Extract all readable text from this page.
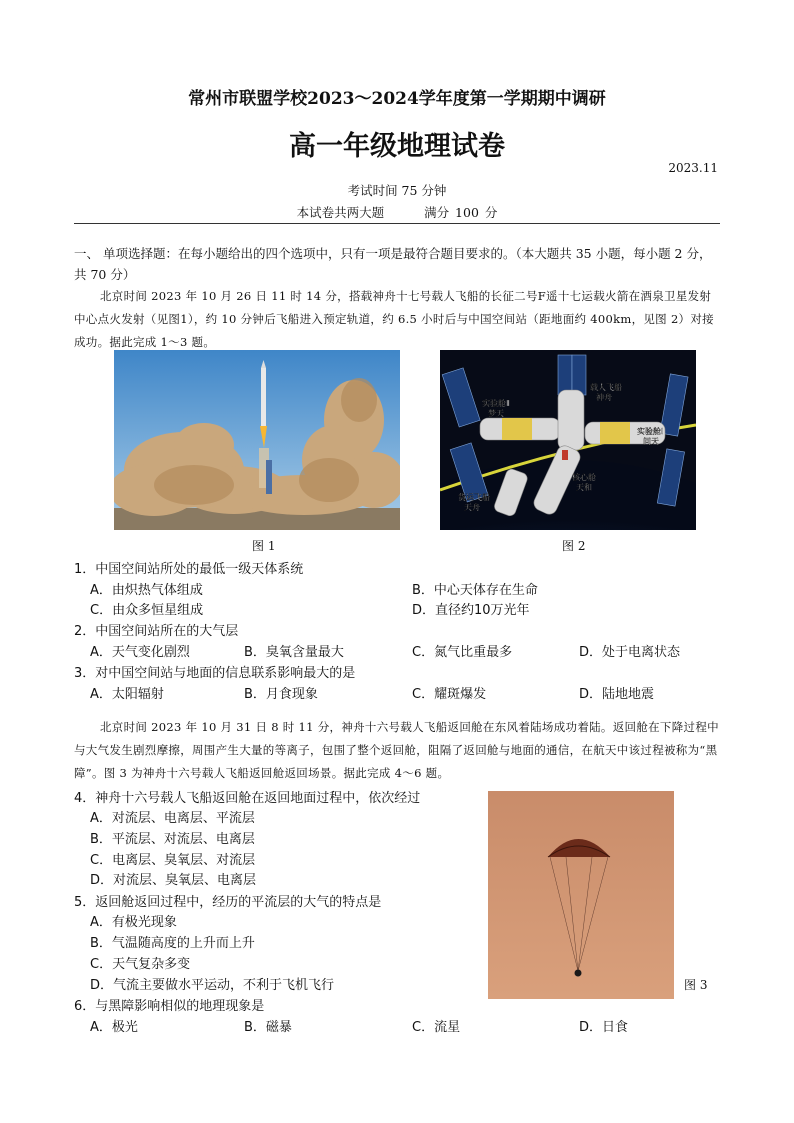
常州市联盟学校2023～2024学年度第一学期期中调研
高一年级地理试卷
2023.11
考试时间 75 分钟
本试卷共两大题	满分 100 分
一、 单项选择题：在每小题给出的四个选项中，只有一项是最符合题目要求的。（本大题共 35 小题，每小题 2 分，共 70 分）
北京时间 2023 年 10 月 26 日 11 时 14 分，搭载神舟十七号载人飞船的长征二号F遥十七运载火箭在酒泉卫星发射中心点火发射（见图1），约 10 分钟后飞船进入预定轨道，约 6.5 小时后与中国空间站（距地面约 400km，见图 2）对接成功。据此完成 1～3 题。
实验舱Ⅱ
梦天
载人飞船
神舟
实验舱Ⅰ
问天
核心舱
天和
货运飞船
天舟
图 1	图 2
1．中国空间站所处的最低一级天体系统
A．由炽热气体组成	B．中心天体存在生命
C．由众多恒星组成	D．直径约10万光年
2．中国空间站所在的大气层
A．天气变化剧烈	B．臭氧含量最大	C．氮气比重最多	D．处于电离状态
3．对中国空间站与地面的信息联系影响最大的是
A．太阳辐射	B．月食现象	C．耀斑爆发	D．陆地地震
北京时间 2023 年 10 月 31 日 8 时 11 分，神舟十六号载人飞船返回舱在东风着陆场成功着陆。返回舱在下降过程中与大气发生剧烈摩擦，周围产生大量的等离子，包围了整个返回舱，阻隔了返回舱与地面的通信，在航天中该过程被称为“黑障”。图 3 为神舟十六号载人飞船返回舱返回场景。据此完成 4～6 题。
图 3
4．神舟十六号载人飞船返回舱在返回地面过程中，依次经过
A．对流层、电离层、平流层
B．平流层、对流层、电离层
C．电离层、臭氧层、对流层
D．对流层、臭氧层、电离层
5．返回舱返回过程中，经历的平流层的大气的特点是
A．有极光现象
B．气温随高度的上升而上升
C．天气复杂多变
D．气流主要做水平运动，不利于飞机飞行
6．与黑障影响相似的地理现象是
A．极光	B．磁暴	C．流星	D．日食
